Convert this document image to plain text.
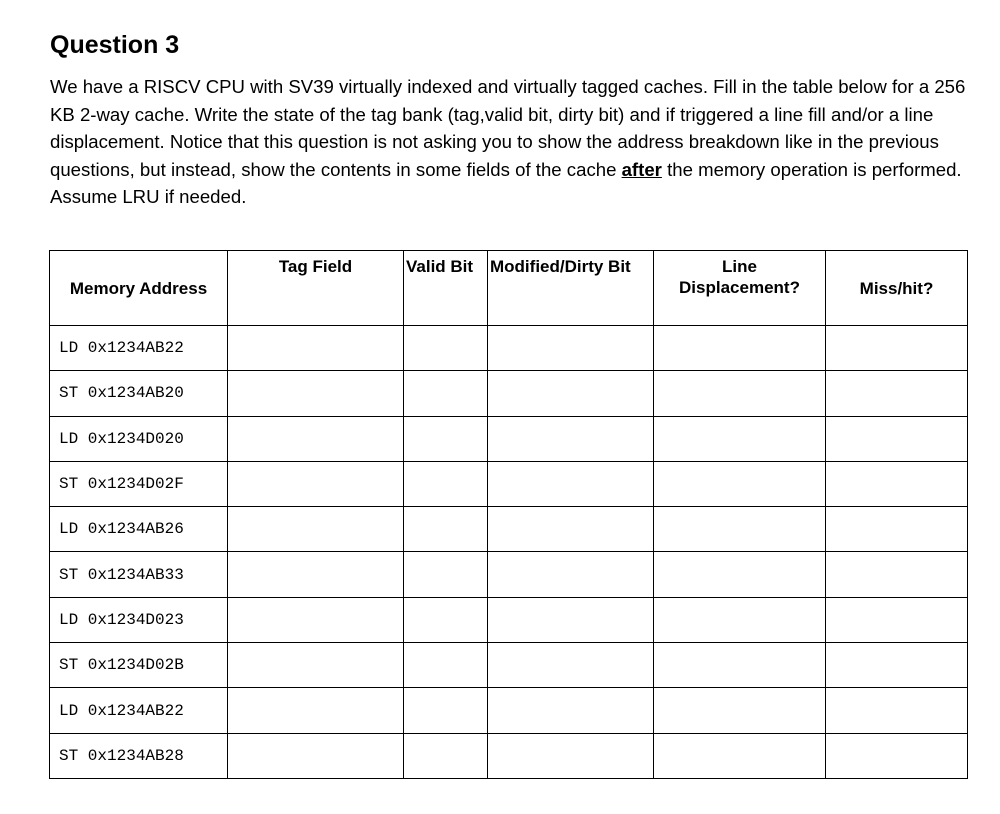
Question 3

We have a RISCV CPU with SV39 virtually indexed and virtually tagged caches. Fill in the table below for a 256 KB 2-way cache. Write the state of the tag bank (tag,valid bit, dirty bit) and if triggered a line fill and/or a line displacement. Notice that this question is not asking you to show the address breakdown like in the previous questions, but instead, show the contents in some fields of the cache after the memory operation is performed. Assume LRU if needed.

Memory Address	Tag Field	Valid Bit	Modified/Dirty Bit	Line Displacement?	Miss/hit?
LD 0x1234AB22					
ST 0x1234AB20					
LD 0x1234D020					
ST 0x1234D02F					
LD 0x1234AB26					
ST 0x1234AB33					
LD 0x1234D023					
ST 0x1234D02B					
LD 0x1234AB22					
ST 0x1234AB28					
